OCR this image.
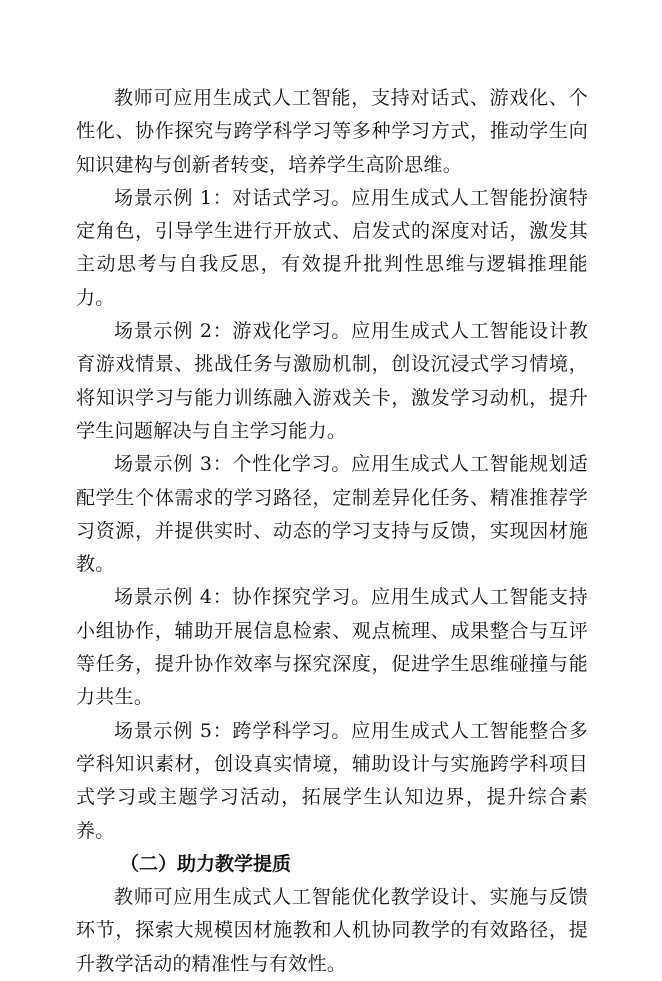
教师可应用生成式人工智能，支持对话式、游戏化、个性化、协作探究与跨学科学习等多种学习方式，推动学生向知识建构与创新者转变，培养学生高阶思维。

场景示例 1：对话式学习。应用生成式人工智能扮演特定角色，引导学生进行开放式、启发式的深度对话，激发其主动思考与自我反思，有效提升批判性思维与逻辑推理能力。

场景示例 2：游戏化学习。应用生成式人工智能设计教育游戏情景、挑战任务与激励机制，创设沉浸式学习情境，将知识学习与能力训练融入游戏关卡，激发学习动机，提升学生问题解决与自主学习能力。

场景示例 3：个性化学习。应用生成式人工智能规划适配学生个体需求的学习路径，定制差异化任务、精准推荐学习资源，并提供实时、动态的学习支持与反馈，实现因材施教。

场景示例 4：协作探究学习。应用生成式人工智能支持小组协作，辅助开展信息检索、观点梳理、成果整合与互评等任务，提升协作效率与探究深度，促进学生思维碰撞与能力共生。

场景示例 5：跨学科学习。应用生成式人工智能整合多学科知识素材，创设真实情境，辅助设计与实施跨学科项目式学习或主题学习活动，拓展学生认知边界，提升综合素养。

（二）助力教学提质

教师可应用生成式人工智能优化教学设计、实施与反馈环节，探索大规模因材施教和人机协同教学的有效路径，提升教学活动的精准性与有效性。
